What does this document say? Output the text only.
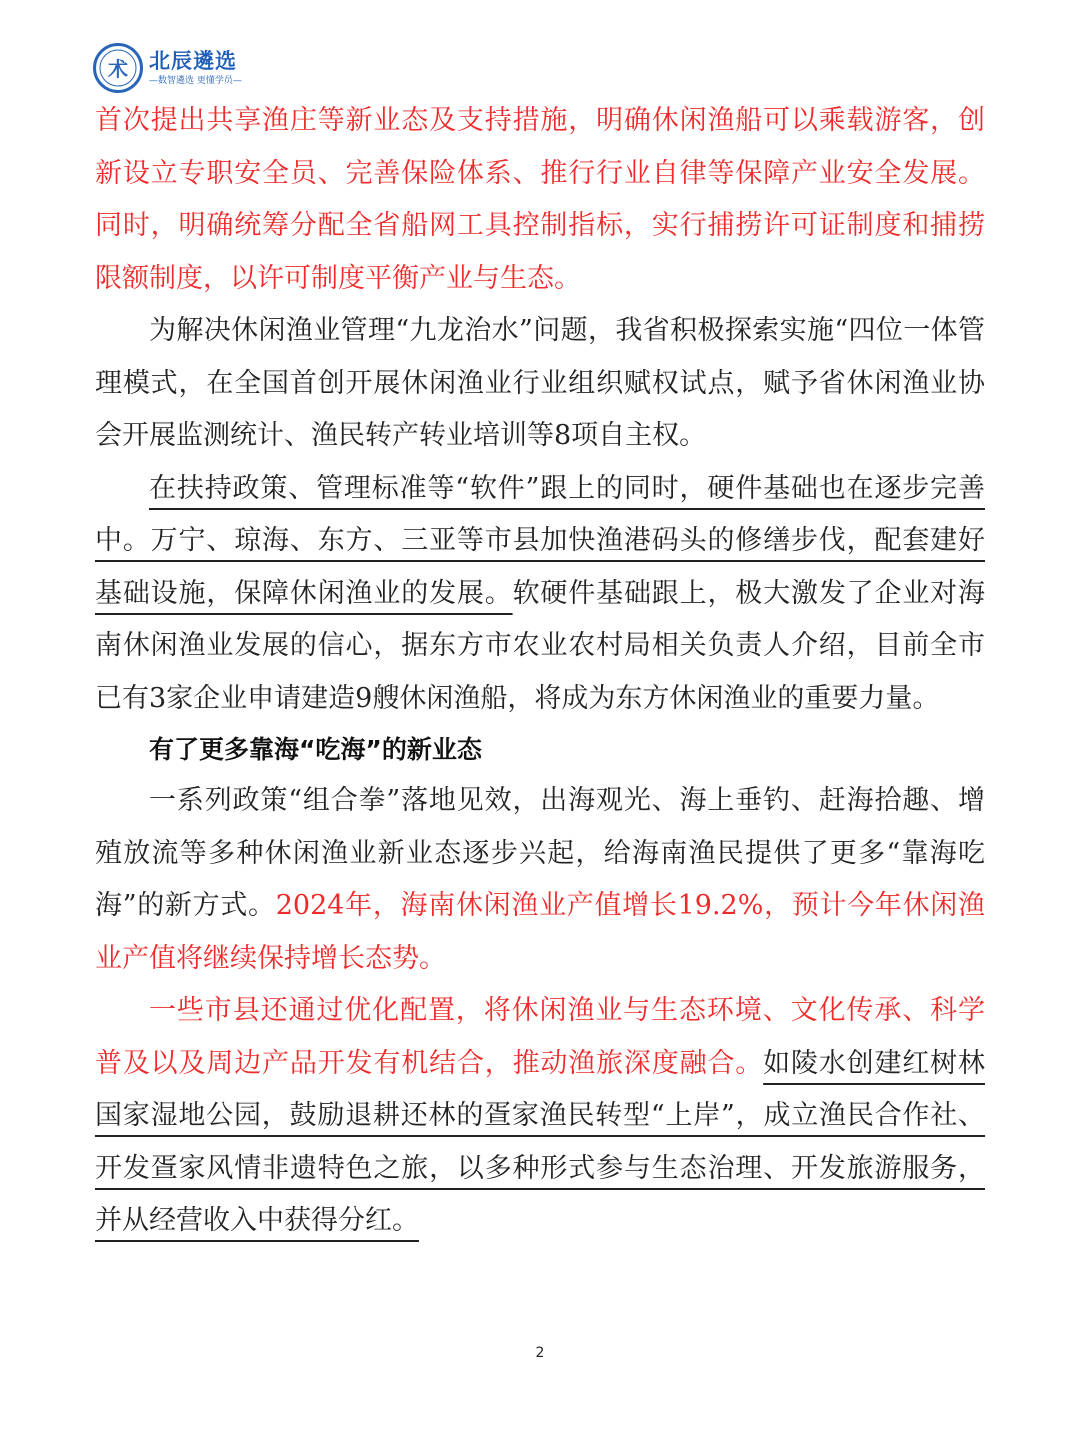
术 北辰遴选
—数智遴选 更懂学员—

首次提出共享渔庄等新业态及支持措施，明确休闲渔船可以乘载游客，创新设立专职安全员、完善保险体系、推行行业自律等保障产业安全发展。同时，明确统筹分配全省船网工具控制指标，实行捕捞许可证制度和捕捞限额制度，以许可制度平衡产业与生态。

为解决休闲渔业管理“九龙治水”问题，我省积极探索实施“四位一体管理模式，在全国首创开展休闲渔业行业组织赋权试点，赋予省休闲渔业协会开展监测统计、渔民转产转业培训等8项自主权。

在扶持政策、管理标准等“软件”跟上的同时，硬件基础也在逐步完善中。万宁、琼海、东方、三亚等市县加快渔港码头的修缮步伐，配套建好基础设施，保障休闲渔业的发展。软硬件基础跟上，极大激发了企业对海南休闲渔业发展的信心，据东方市农业农村局相关负责人介绍，目前全市已有3家企业申请建造9艘休闲渔船，将成为东方休闲渔业的重要力量。

有了更多靠海“吃海”的新业态

一系列政策“组合拳”落地见效，出海观光、海上垂钓、赶海拾趣、增殖放流等多种休闲渔业新业态逐步兴起，给海南渔民提供了更多“靠海吃海”的新方式。2024年，海南休闲渔业产值增长19.2%，预计今年休闲渔业产值将继续保持增长态势。

一些市县还通过优化配置，将休闲渔业与生态环境、文化传承、科学普及以及周边产品开发有机结合，推动渔旅深度融合。如陵水创建红树林国家湿地公园，鼓励退耕还林的疍家渔民转型“上岸”，成立渔民合作社、开发疍家风情非遗特色之旅，以多种形式参与生态治理、开发旅游服务，并从经营收入中获得分红。

2
